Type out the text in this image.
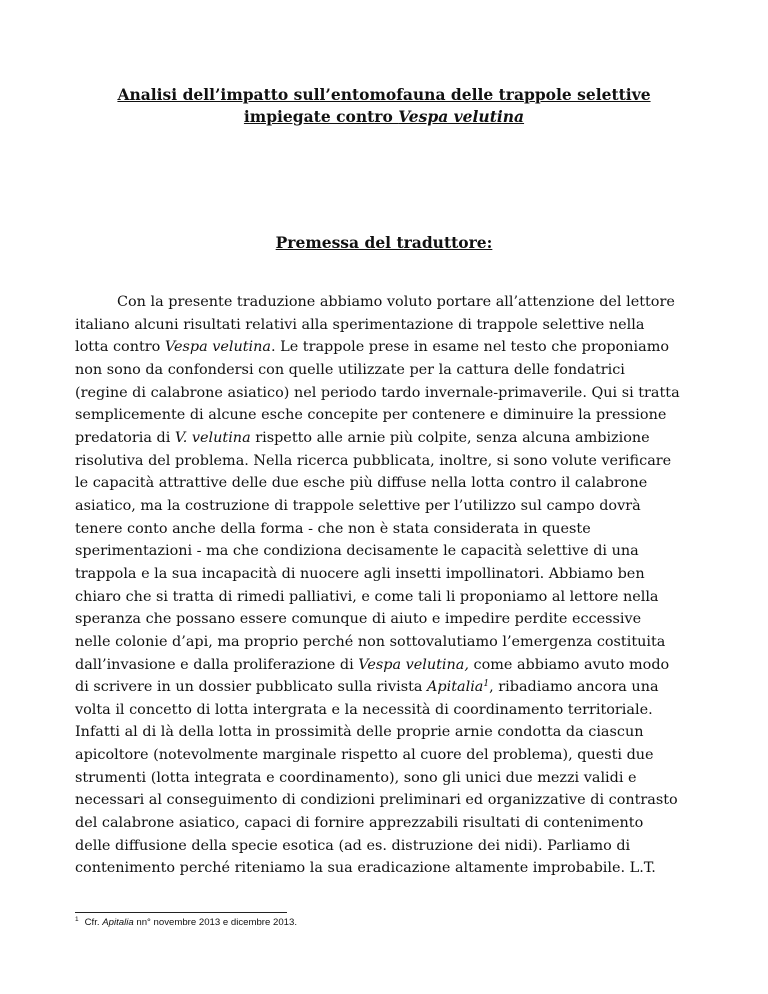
Analisi dell’impatto sull’entomofauna delle trappole selettive
impiegate contro Vespa velutina
Premessa del traduttore:
Con la presente traduzione abbiamo voluto portare all’attenzione del lettore
italiano alcuni risultati relativi alla sperimentazione di trappole selettive nella
lotta contro Vespa velutina. Le trappole prese in esame nel testo che proponiamo
non sono da confondersi con quelle utilizzate per la cattura delle fondatrici
(regine di calabrone asiatico) nel periodo tardo invernale-primaverile. Qui si tratta
semplicemente di alcune esche concepite per contenere e diminuire la pressione
predatoria di V. velutina rispetto alle arnie più colpite, senza alcuna ambizione
risolutiva del problema. Nella ricerca pubblicata, inoltre, si sono volute verificare
le capacità attrattive delle due esche più diffuse nella lotta contro il calabrone
asiatico, ma la costruzione di trappole selettive per l’utilizzo sul campo dovrà
tenere conto anche della forma - che non è stata considerata in queste
sperimentazioni - ma che condiziona decisamente le capacità selettive di una
trappola e la sua incapacità di nuocere agli insetti impollinatori. Abbiamo ben
chiaro che si tratta di rimedi palliativi, e come tali li proponiamo al lettore nella
speranza che possano essere comunque di aiuto e impedire perdite eccessive
nelle colonie d’api, ma proprio perché non sottovalutiamo l’emergenza costituita
dall’invasione e dalla proliferazione di Vespa velutina, come abbiamo avuto modo
di scrivere in un dossier pubblicato sulla rivista Apitalia$^1$, ribadiamo ancora una
volta il concetto di lotta intergrata e la necessità di coordinamento territoriale.
Infatti al di là della lotta in prossimità delle proprie arnie condotta da ciascun
apicoltore (notevolmente marginale rispetto al cuore del problema), questi due
strumenti (lotta integrata e coordinamento), sono gli unici due mezzi validi e
necessari al conseguimento di condizioni preliminari ed organizzative di contrasto
del calabrone asiatico, capaci di fornire apprezzabili risultati di contenimento
delle diffusione della specie esotica (ad es. distruzione dei nidi). Parliamo di
contenimento perché riteniamo la sua eradicazione altamente improbabile. L.T.
$^1$ Cfr. Apitalia nn° novembre 2013 e dicembre 2013.
